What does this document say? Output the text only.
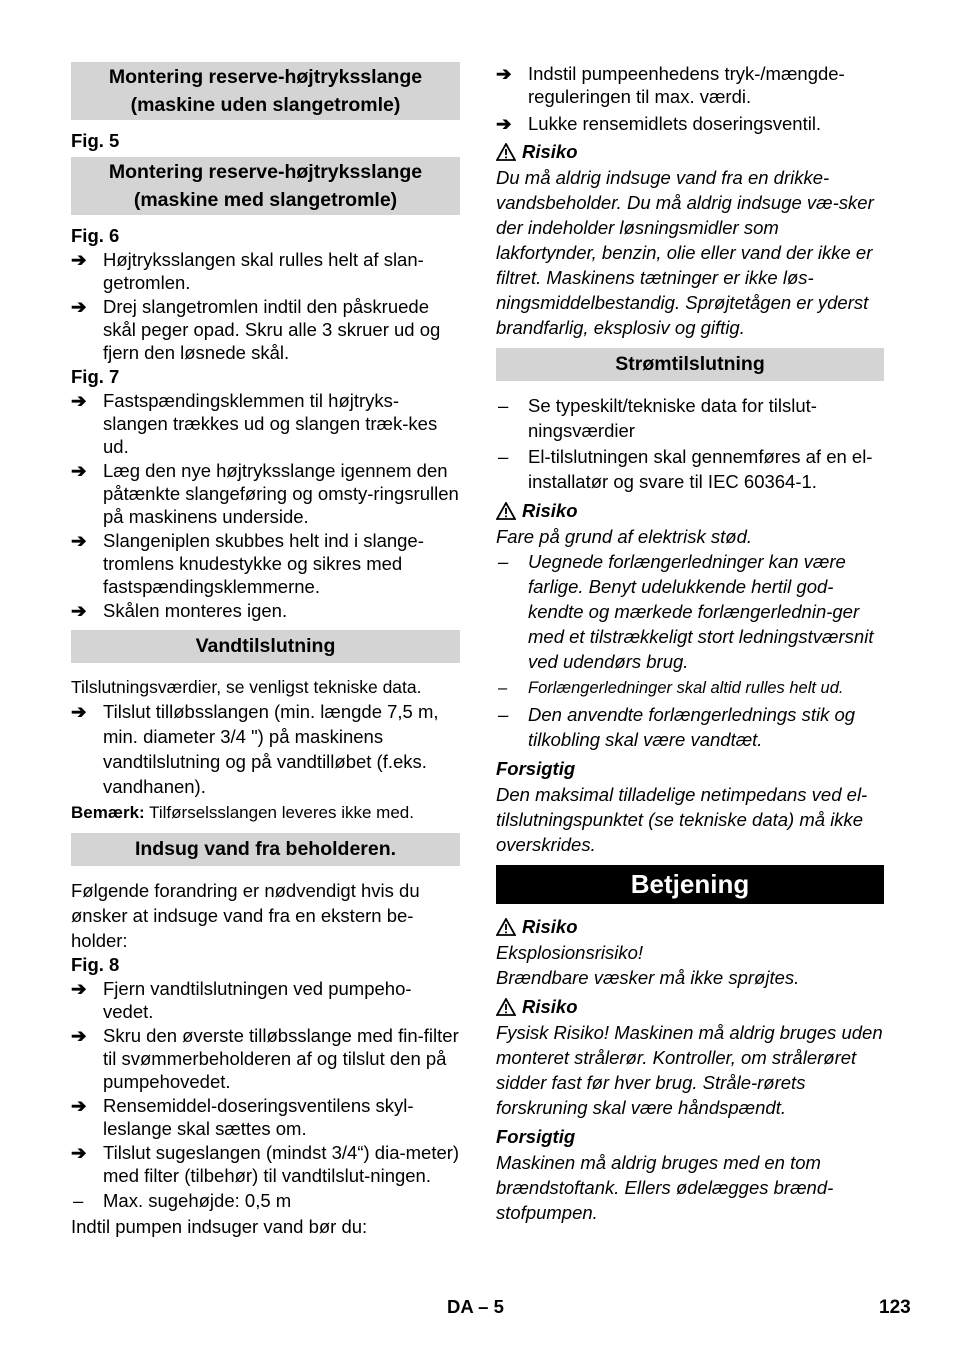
Montering reserve-højtryksslange (maskine uden slangetromle)
Fig. 5
Montering reserve-højtryksslange (maskine med slangetromle)
Fig. 6
➔ Højtryksslangen skal rulles helt af slan-getromlen.
➔ Drej slangetromlen indtil den påskruede skål peger opad. Skru alle 3 skruer ud og fjern den løsnede skål.
Fig. 7
➔ Fastspændingsklemmen til højtryks-slangen trækkes ud og slangen træk-kes ud.
➔ Læg den nye højtryksslange igennem den påtænkte slangeføring og omsty-ringsrullen på maskinens underside.
➔ Slangeniplen skubbes helt ind i slange-tromlens knudestykke og sikres med fastspændingsklemmerne.
➔ Skålen monteres igen.
Vandtilslutning
Tilslutningsværdier, se venligst tekniske data.
➔ Tilslut tilløbsslangen (min. længde 7,5 m, min. diameter 3/4 ") på maskinens vandtilslutning og på vandtilløbet (f.eks. vandhanen).
Bemærk: Tilførselsslangen leveres ikke med.
Indsug vand fra beholderen.
Følgende forandring er nødvendigt hvis du ønsker at indsuge vand fra en ekstern be-holder:
Fig. 8
➔ Fjern vandtilslutningen ved pumpeho-vedet.
➔ Skru den øverste tilløbsslange med fin-filter til svømmerbeholderen af og tilslut den på pumpehovedet.
➔ Rensemiddel-doseringsventilens skyl-leslange skal sættes om.
➔ Tilslut sugeslangen (mindst 3/4“) dia-meter) med filter (tilbehør) til vandtilslut-ningen.
– Max. sugehøjde: 0,5 m
Indtil pumpen indsuger vand bør du:
➔ Indstil pumpeenhedens tryk-/mængde-reguleringen til max. værdi.
➔ Lukke rensemidlets doseringsventil.
Risiko
Du må aldrig indsuge vand fra en drikke-vandsbeholder. Du må aldrig indsuge væ-sker der indeholder løsningsmidler som lakfortynder, benzin, olie eller vand der ikke er filtret. Maskinens tætninger er ikke løs-ningsmiddelbestandig. Sprøjtetågen er yderst brandfarlig, eksplosiv og giftig.
Strømtilslutning
– Se typeskilt/tekniske data for tilslut-ningsværdier
– El-tilslutningen skal gennemføres af en el-installatør og svare til IEC 60364-1.
Risiko
Fare på grund af elektrisk stød.
– Uegnede forlængerledninger kan være farlige. Benyt udelukkende hertil god-kendte og mærkede forlængerlednin-ger med et tilstrækkeligt stort ledningstværsnit ved udendørs brug.
– Forlængerledninger skal altid rulles helt ud.
– Den anvendte forlængerlednings stik og tilkobling skal være vandtæt.
Forsigtig
Den maksimal tilladelige netimpedans ved el-tilslutningspunktet (se tekniske data) må ikke overskrides.
Betjening
Risiko
Eksplosionsrisiko!
Brændbare væsker må ikke sprøjtes.
Risiko
Fysisk Risiko! Maskinen må aldrig bruges uden monteret strålerør. Kontroller, om strålerøret sidder fast før hver brug. Stråle-rørets forskruning skal være håndspændt.
Forsigtig
Maskinen må aldrig bruges med en tom brændstoftank. Ellers ødelægges brænd-stofpumpen.
DA – 5	123
